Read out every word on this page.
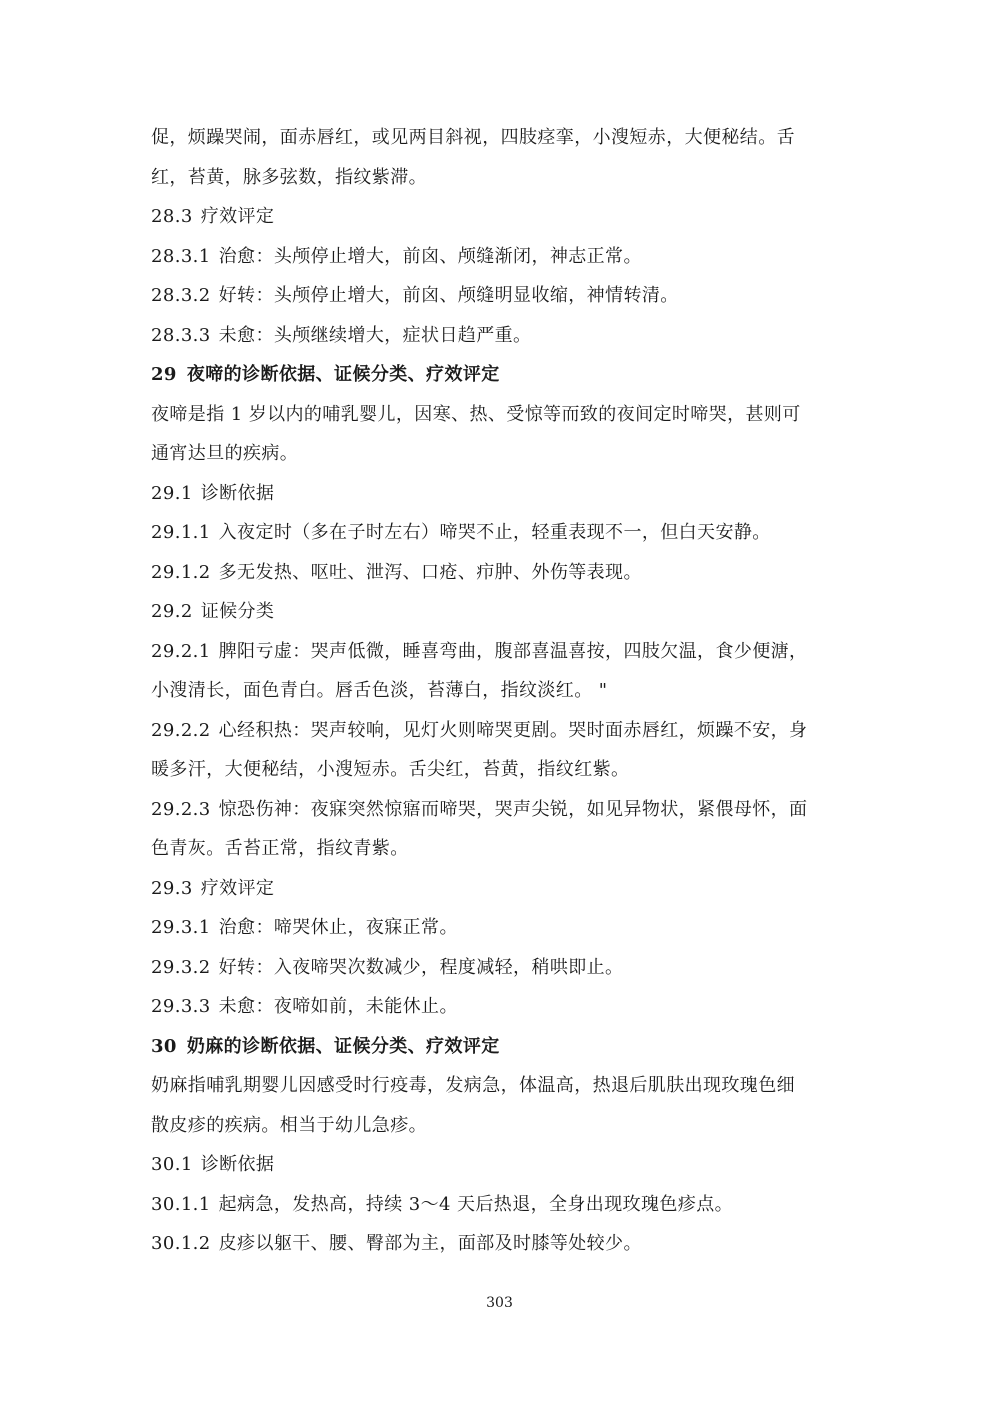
促，烦躁哭闹，面赤唇红，或见两目斜视，四肢痉挛，小溲短赤，大便秘结。舌
红，苔黄，脉多弦数，指纹紫滞。
28.3 疗效评定
28.3.1 治愈：头颅停止增大，前囟、颅缝渐闭，神志正常。
28.3.2 好转：头颅停止增大，前囟、颅缝明显收缩，神情转清。
28.3.3 未愈：头颅继续增大，症状日趋严重。
29 夜啼的诊断依据、证候分类、疗效评定
夜啼是指 1 岁以内的哺乳婴儿，因寒、热、受惊等而致的夜间定时啼哭，甚则可
通宵达旦的疾病。
29.1 诊断依据
29.1.1 入夜定时（多在子时左右）啼哭不止，轻重表现不一，但白天安静。
29.1.2 多无发热、呕吐、泄泻、口疮、疖肿、外伤等表现。
29.2 证候分类
29.2.1 脾阳亏虚：哭声低微，睡喜弯曲，腹部喜温喜按，四肢欠温，食少便溏，
小溲清长，面色青白。唇舌色淡，苔薄白，指纹淡红。 "
29.2.2 心经积热：哭声较响，见灯火则啼哭更剧。哭时面赤唇红，烦躁不安，身
暖多汗，大便秘结，小溲短赤。舌尖红，苔黄，指纹红紫。
29.2.3 惊恐伤神：夜寐突然惊寤而啼哭，哭声尖锐，如见异物状，紧偎母怀，面
色青灰。舌苔正常，指纹青紫。
29.3 疗效评定
29.3.1 治愈：啼哭休止，夜寐正常。
29.3.2 好转：入夜啼哭次数减少，程度减轻，稍哄即止。
29.3.3 未愈：夜啼如前，未能休止。
30 奶麻的诊断依据、证候分类、疗效评定
奶麻指哺乳期婴儿因感受时行疫毒，发病急，体温高，热退后肌肤出现玫瑰色细
散皮疹的疾病。相当于幼儿急疹。
30.1 诊断依据
30.1.1 起病急，发热高，持续 3～4 天后热退，全身出现玫瑰色疹点。
30.1.2 皮疹以躯干、腰、臀部为主，面部及时膝等处较少。
303
